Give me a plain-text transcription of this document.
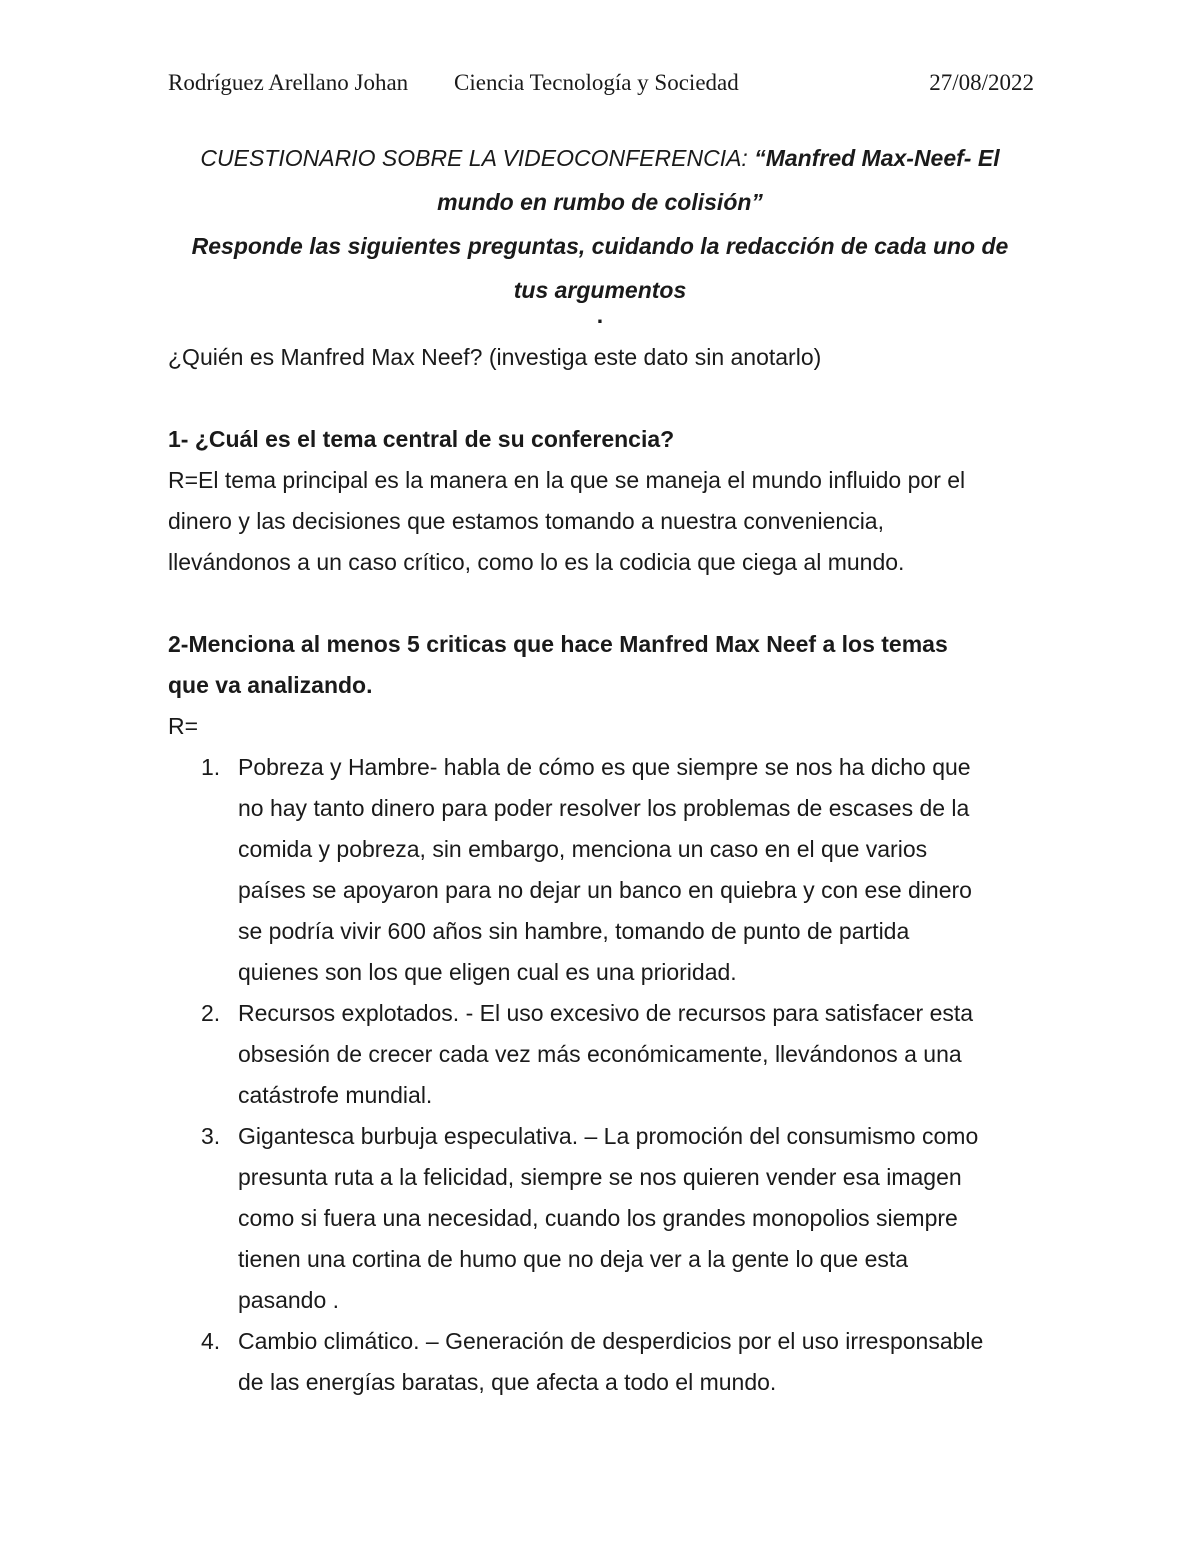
Rodríguez Arellano Johan Ciencia Tecnología y Sociedad	27/08/2022
CUESTIONARIO SOBRE LA VIDEOCONFERENCIA: “Manfred Max-Neef- El
mundo en rumbo de colisión”
Responde las siguientes preguntas, cuidando la redacción de cada uno de
tus argumentos
.

¿Quién es Manfred Max Neef? (investiga este dato sin anotarlo)

1- ¿Cuál es el tema central de su conferencia?

R=El tema principal es la manera en la que se maneja el mundo influido por el

dinero y las decisiones que estamos tomando a nuestra conveniencia,

llevándonos a un caso crítico, como lo es la codicia que ciega al mundo.

2-Menciona al menos 5 criticas que hace Manfred Max Neef a los temas

que va analizando.

R=

1. Pobreza y Hambre- habla de cómo es que siempre se nos ha dicho que
no hay tanto dinero para poder resolver los problemas de escases de la
comida y pobreza, sin embargo, menciona un caso en el que varios
países se apoyaron para no dejar un banco en quiebra y con ese dinero
se podría vivir 600 años sin hambre, tomando de punto de partida
quienes son los que eligen cual es una prioridad.
2. Recursos explotados. - El uso excesivo de recursos para satisfacer esta
obsesión de crecer cada vez más económicamente, llevándonos a una
catástrofe mundial.
3. Gigantesca burbuja especulativa. – La promoción del consumismo como
presunta ruta a la felicidad, siempre se nos quieren vender esa imagen
como si fuera una necesidad, cuando los grandes monopolios siempre
tienen una cortina de humo que no deja ver a la gente lo que esta
pasando .
4. Cambio climático. – Generación de desperdicios por el uso irresponsable
de las energías baratas, que afecta a todo el mundo.
